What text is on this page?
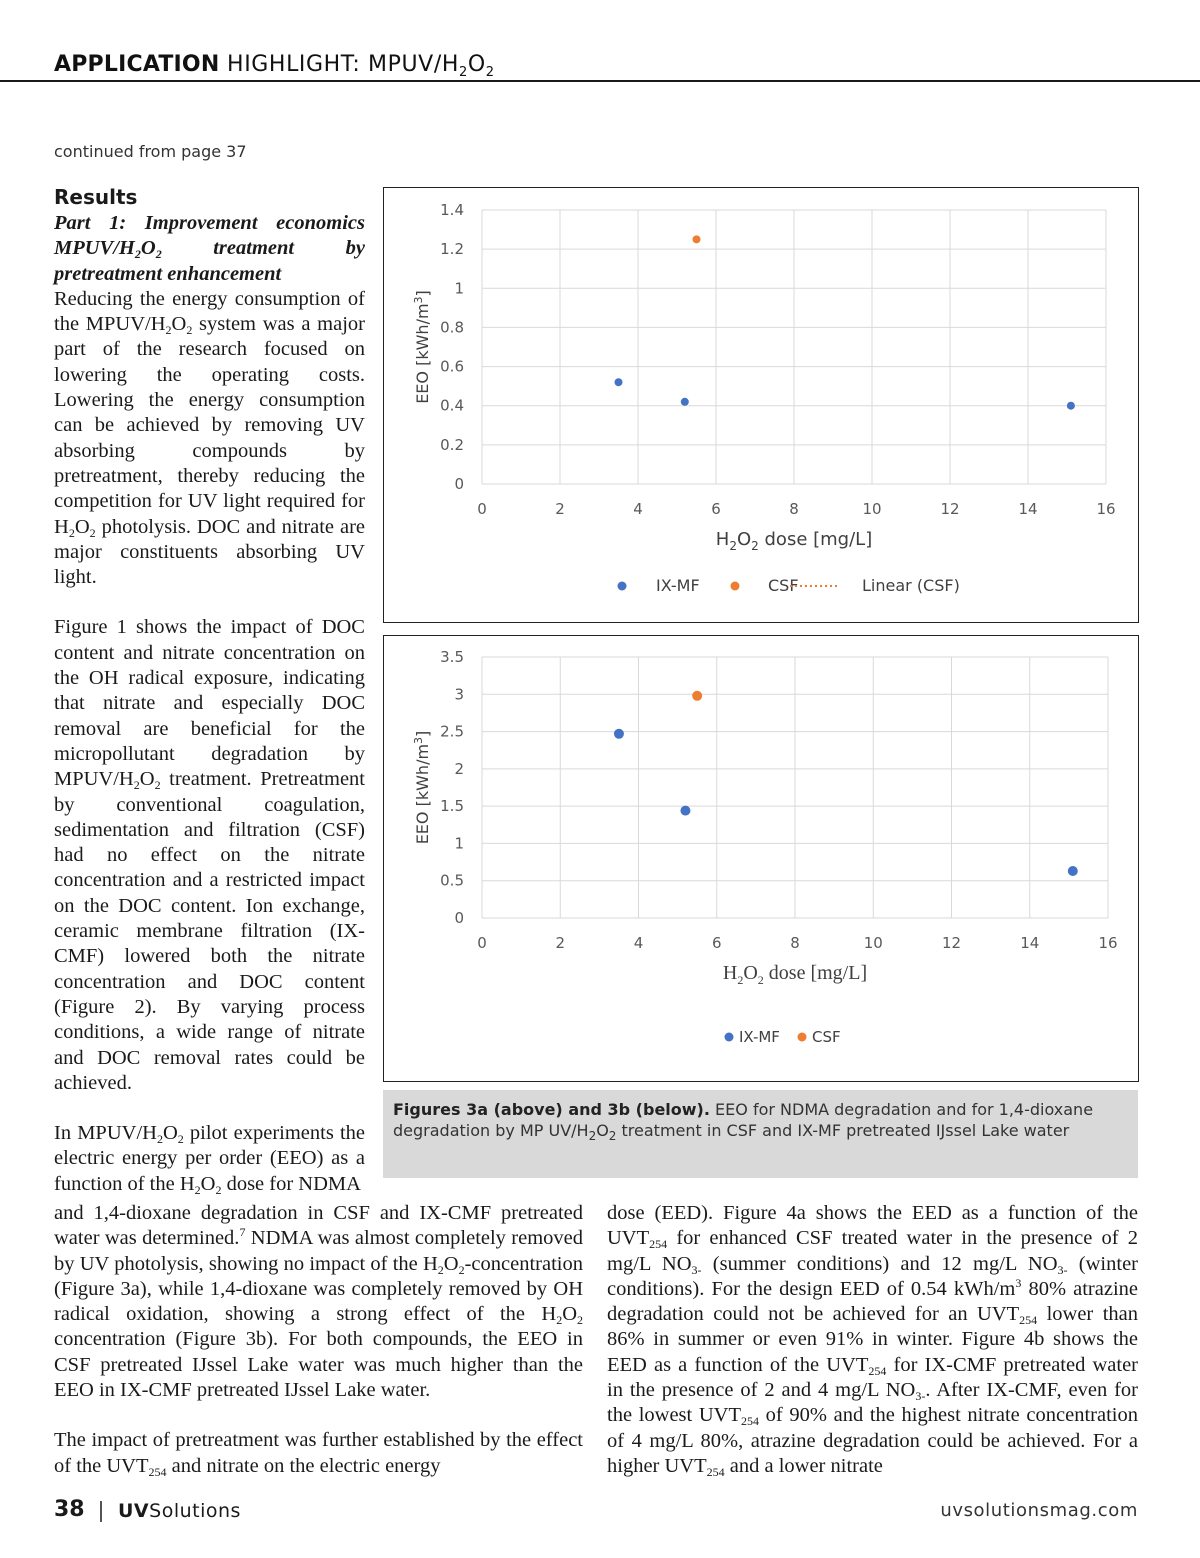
APPLICATION HIGHLIGHT: MPUV/$H_2O_2$
continued from page 37
Results
Part 1: Improvement economics MPUV/$H_2O_2$ treatment by
pretreatment enhancement

Reducing the energy consumption of the MPUV/$H_2O_2$ system was a major part of the research focused on lowering the operating costs. Lowering the energy consumption can be achieved by removing UV absorbing compounds by pretreatment, thereby reducing the competition for UV light required for $H_2O_2$ photolysis. DOC and nitrate are major constituents absorbing UV light.

Figure 1 shows the impact of DOC content and nitrate concentration on the OH radical exposure, indicating that nitrate and especially DOC removal are beneficial for the micropollutant degradation by MPUV/$H_2O_2$ treatment. Pretreatment by conventional coagulation, sedimentation and filtration (CSF) had no effect on the nitrate concentration and a restricted impact on the DOC content. Ion exchange, ceramic membrane filtration (IX-CMF) lowered both the nitrate concentration and DOC content (Figure 2). By varying process conditions, a wide range of nitrate and DOC removal rates could be achieved.

In MPUV/$H_2O_2$ pilot experiments the electric energy per order (EEO) as a function of the $H_2O_2$ dose for NDMA

0
0.2
0.4
0.6
0.8
1
1.2
1.4
0	2	4	6	8	10	12	14	16
$H_2O_2$ dose [mg/L]
EEO $[kWh/m^3]$
IX-MF	CSF	Linear (CSF)
0
0.5
1
1.5
2
2.5
3
3.5
0	2	4	6	8	10	12	14	16
$H_2O_2$ dose [mg/L]
EEO $[kWh/m^3]$
IX-MF CSF
Figures 3a (above) and 3b (below). EEO for NDMA degradation and for 1,4-dioxane degradation by MP $UV/H_2O_2$ treatment in CSF and IX-MF pretreated IJssel Lake water

and 1,4-dioxane degradation in CSF and IX-CMF pretreated water was determined.$^7$ NDMA was almost completely removed by UV photolysis, showing no impact of the $H_2O_2$-concentration (Figure 3a), while 1,4-dioxane was completely removed by OH radical oxidation, showing a strong effect of the $H_2O_2$ concentration (Figure 3b). For both compounds, the EEO in CSF pretreated IJssel Lake water was much higher than the EEO in IX-CMF pretreated IJssel Lake water.

The impact of pretreatment was further established by the effect of the $UVT_{254}$ and nitrate on the electric energy

dose (EED). Figure 4a shows the EED as a function of the $UVT_{254}$ for enhanced CSF treated water in the presence of 2 mg/L $NO_{3-}$ (summer conditions) and 12 mg/L $NO_{3-}$ (winter conditions). For the design EED of 0.54 kWh/$m^3$ 80% atrazine degradation could not be achieved for an $UVT_{254}$ lower than 86% in summer or even 91% in winter. Figure 4b shows the EED as a function of the $UVT_{254}$ for IX-CMF pretreated water in the presence of 2 and 4 mg/L $NO_{3-}$. After IX-CMF, even for the lowest $UVT_{254}$ of 90% and the highest nitrate concentration of 4 mg/L 80%, atrazine degradation could be achieved. For a higher $UVT_{254}$ and a lower nitrate

38 UVSolutions	uvsolutionsmag.com
